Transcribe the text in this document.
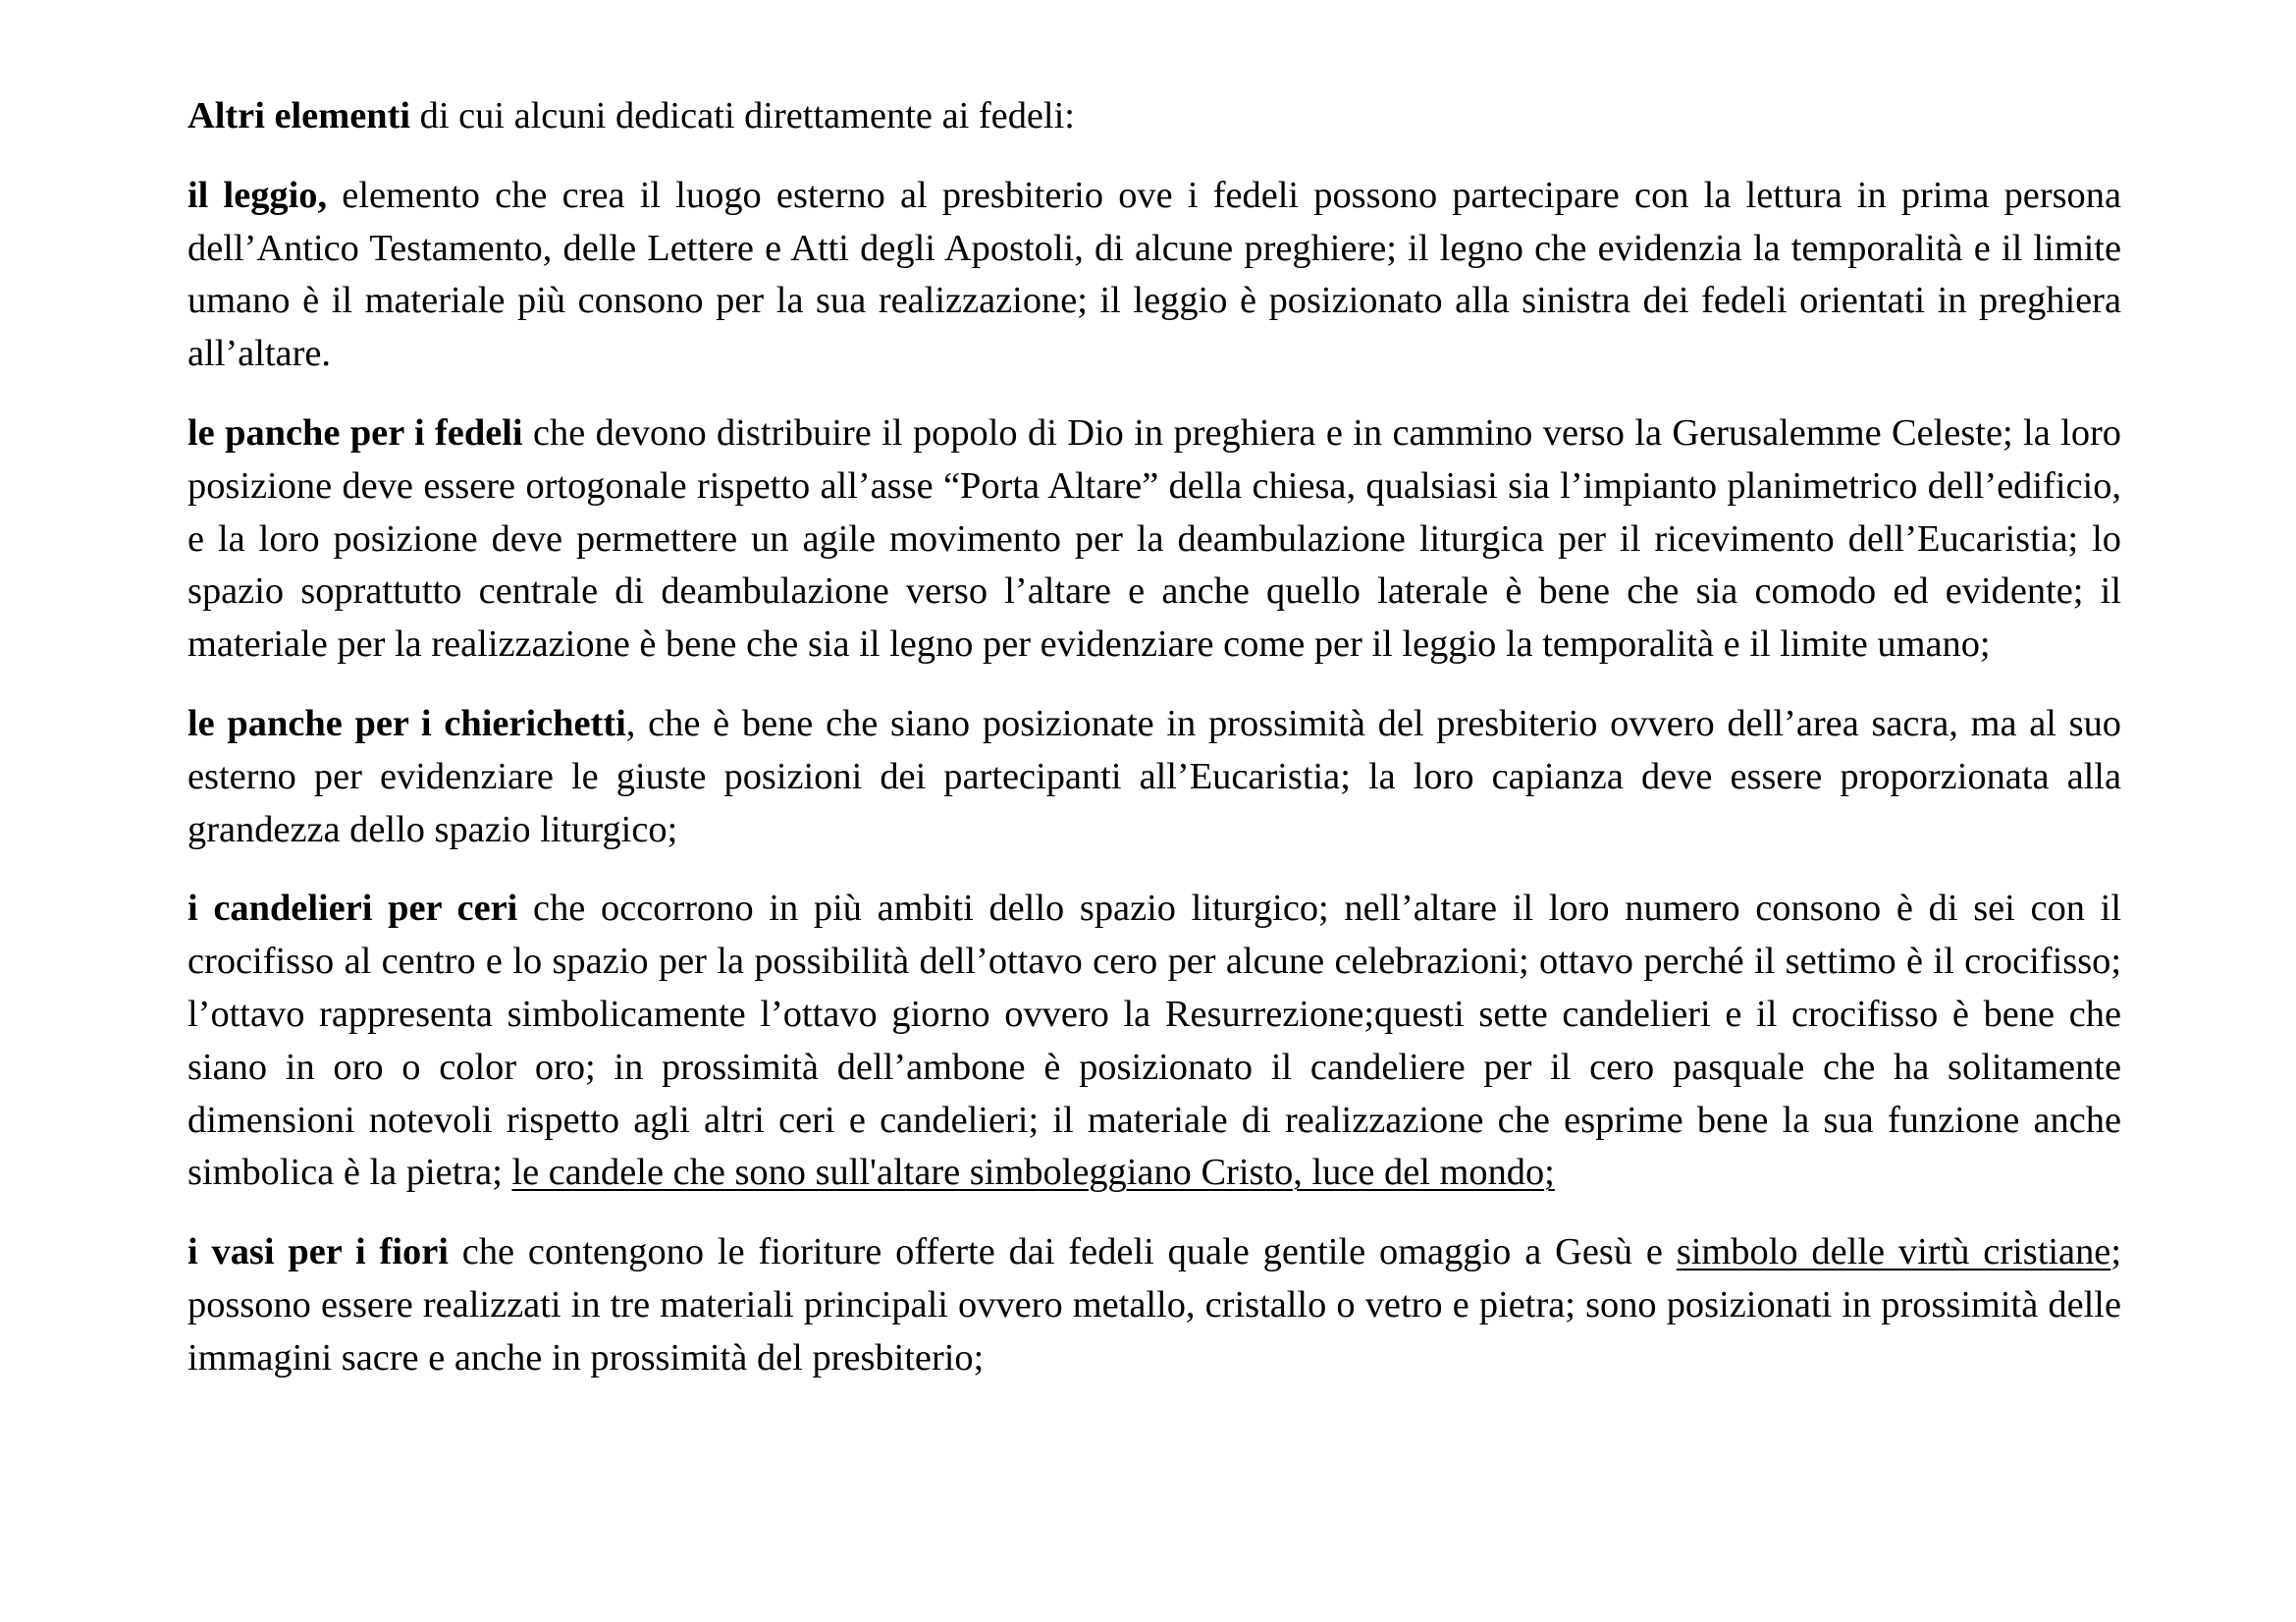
Altri elementi di cui alcuni dedicati direttamente ai fedeli:

il leggio, elemento che crea il luogo esterno al presbiterio ove i fedeli possono partecipare con la lettura in prima persona dell’Antico Testamento, delle Lettere e Atti degli Apostoli, di alcune preghiere; il legno che evidenzia la temporalità e il limite umano è il materiale più consono per la sua realizzazione; il leggio è posizionato alla sinistra dei fedeli orientati in preghiera all’altare.

le panche per i fedeli che devono distribuire il popolo di Dio in preghiera e in cammino verso la Gerusalemme Celeste; la loro posizione deve essere ortogonale rispetto all’asse “Porta Altare” della chiesa, qualsiasi sia l’impianto planimetrico dell’edificio, e la loro posizione deve permettere un agile movimento per la deambulazione liturgica per il ricevimento dell’Eucaristia; lo spazio soprattutto centrale di deambulazione verso l’altare e anche quello laterale è bene che sia comodo ed evidente; il materiale per la realizzazione è bene che sia il legno per evidenziare come per il leggio la temporalità e il limite umano;

le panche per i chierichetti, che è bene che siano posizionate in prossimità del presbiterio ovvero dell’area sacra, ma al suo esterno per evidenziare le giuste posizioni dei partecipanti all’Eucaristia; la loro capianza deve essere proporzionata alla grandezza dello spazio liturgico;

i candelieri per ceri che occorrono in più ambiti dello spazio liturgico; nell’altare il loro numero consono è di sei con il crocifisso al centro e lo spazio per la possibilità dell’ottavo cero per alcune celebrazioni; ottavo perché il settimo è il crocifisso; l’ottavo rappresenta simbolicamente l’ottavo giorno ovvero la Resurrezione;questi sette candelieri e il crocifisso è bene che siano in oro o color oro; in prossimità dell’ambone è posizionato il candeliere per il cero pasquale che ha solitamente dimensioni notevoli rispetto agli altri ceri e candelieri; il materiale di realizzazione che esprime bene la sua funzione anche simbolica è la pietra; le candele che sono sull'altare simboleggiano Cristo, luce del mondo;

i vasi per i fiori che contengono le fioriture offerte dai fedeli quale gentile omaggio a Gesù e simbolo delle virtù cristiane; possono essere realizzati in tre materiali principali ovvero metallo, cristallo o vetro e pietra; sono posizionati in prossimità delle immagini sacre e anche in prossimità del presbiterio;
